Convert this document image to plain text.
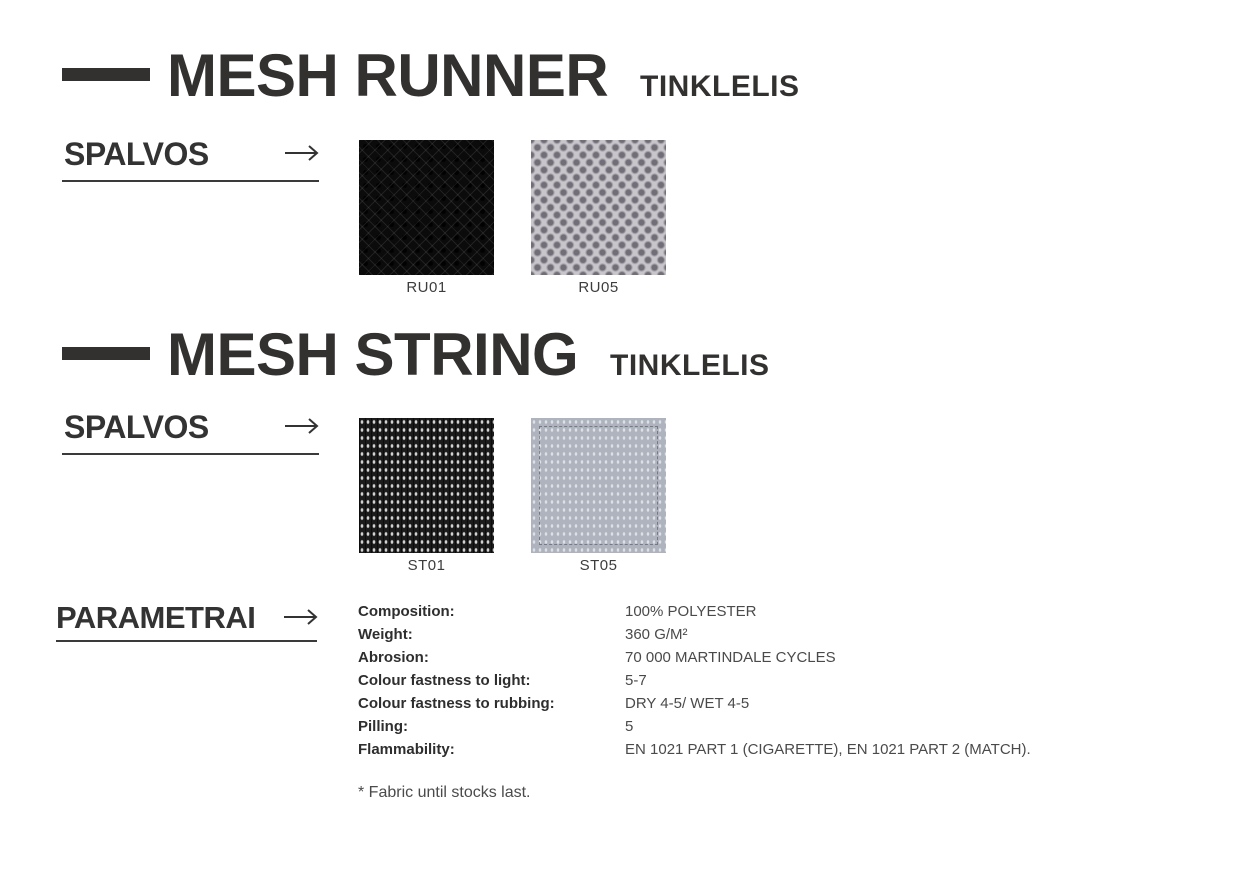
MESH RUNNER TINKLELIS
SPALVOS
RU01	RU05
MESH STRING TINKLELIS
SPALVOS
ST01	ST05
PARAMETRAI	Composition:	100% POLYESTER
Weight:	360 G/M²
Abrosion:	70 000 MARTINDALE CYCLES
Colour fastness to light:	5-7
Colour fastness to rubbing:	DRY 4-5/ WET 4-5
Pilling:	5
Flammability:	EN 1021 PART 1 (CIGARETTE), EN 1021 PART 2 (MATCH).
* Fabric until stocks last.
